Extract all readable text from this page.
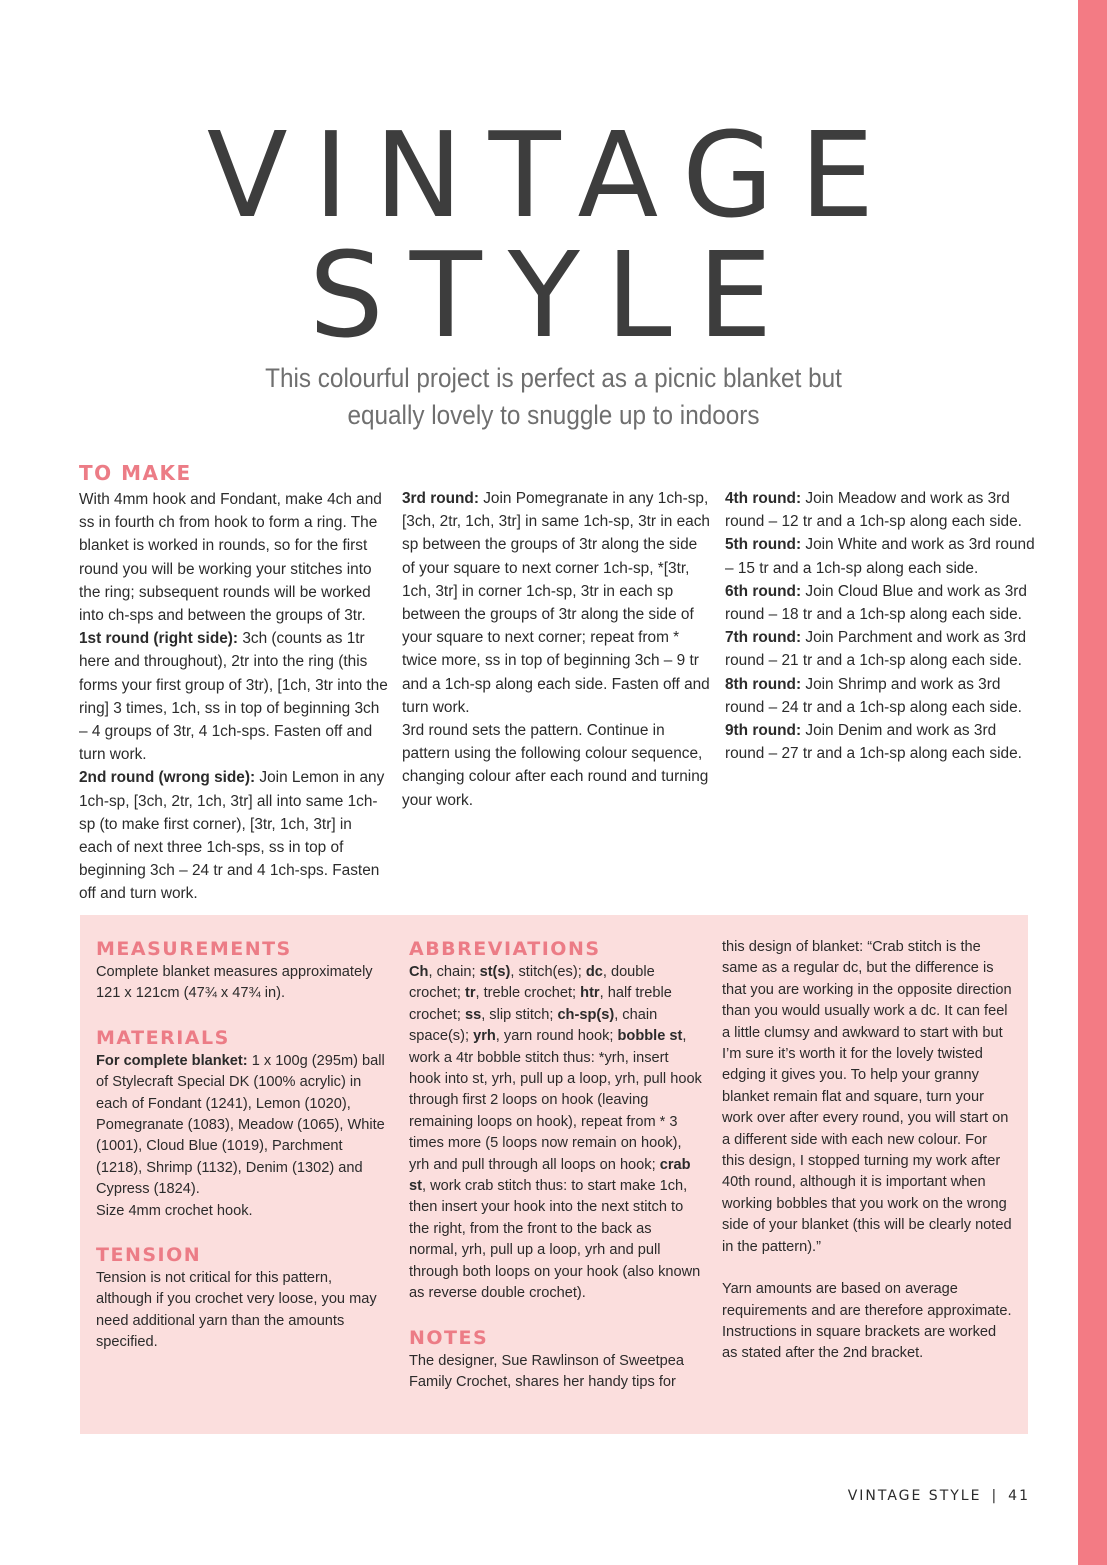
VINTAGE
STYLE
This colourful project is perfect as a picnic blanket but
equally lovely to snuggle up to indoors
TO MAKE

With 4mm hook and Fondant, make 4ch and ss in fourth ch from hook to form a ring. The blanket is worked in rounds, so for the first round you will be working your stitches into the ring; subsequent rounds will be worked into ch-sps and between the groups of 3tr.

1st round (right side): 3ch (counts as 1tr here and throughout), 2tr into the ring (this forms your first group of 3tr), [1ch, 3tr into the ring] 3 times, 1ch, ss in top of beginning 3ch – 4 groups of 3tr, 4 1ch-sps. Fasten off and turn work.

2nd round (wrong side): Join Lemon in any 1ch-sp, [3ch, 2tr, 1ch, 3tr] all into same 1ch-sp (to make first corner), [3tr, 1ch, 3tr] in each of next three 1ch-sps, ss in top of beginning 3ch – 24 tr and 4 1ch-sps. Fasten off and turn work.

3rd round: Join Pomegranate in any 1ch-sp, [3ch, 2tr, 1ch, 3tr] in same 1ch-sp, 3tr in each sp between the groups of 3tr along the side of your square to next corner 1ch-sp, *[3tr, 1ch, 3tr] in corner 1ch-sp, 3tr in each sp between the groups of 3tr along the side of your square to next corner; repeat from * twice more, ss in top of beginning 3ch – 9 tr and a 1ch-sp along each side. Fasten off and turn work.

3rd round sets the pattern. Continue in pattern using the following colour sequence, changing colour after each round and turning your work.

4th round: Join Meadow and work as 3rd round – 12 tr and a 1ch-sp along each side.

5th round: Join White and work as 3rd round – 15 tr and a 1ch-sp along each side.

6th round: Join Cloud Blue and work as 3rd round – 18 tr and a 1ch-sp along each side.

7th round: Join Parchment and work as 3rd round – 21 tr and a 1ch-sp along each side.

8th round: Join Shrimp and work as 3rd round – 24 tr and a 1ch-sp along each side.

9th round: Join Denim and work as 3rd round – 27 tr and a 1ch-sp along each side.

MEASUREMENTS

Complete blanket measures approximately 121 x 121cm (47¾ x 47¾ in).

MATERIALS

For complete blanket: 1 x 100g (295m) ball of Stylecraft Special DK (100% acrylic) in each of Fondant (1241), Lemon (1020), Pomegranate (1083), Meadow (1065), White (1001), Cloud Blue (1019), Parchment (1218), Shrimp (1132), Denim (1302) and Cypress (1824).

Size 4mm crochet hook.

TENSION

Tension is not critical for this pattern, although if you crochet very loose, you may need additional yarn than the amounts specified.

ABBREVIATIONS

Ch, chain; st(s), stitch(es); dc, double crochet; tr, treble crochet; htr, half treble crochet; ss, slip stitch; ch-sp(s), chain space(s); yrh, yarn round hook; bobble st, work a 4tr bobble stitch thus: *yrh, insert hook into st, yrh, pull up a loop, yrh, pull hook through first 2 loops on hook (leaving remaining loops on hook), repeat from * 3 times more (5 loops now remain on hook), yrh and pull through all loops on hook; crab st, work crab stitch thus: to start make 1ch, then insert your hook into the next stitch to the right, from the front to the back as normal, yrh, pull up a loop, yrh and pull through both loops on your hook (also known as reverse double crochet).

NOTES

The designer, Sue Rawlinson of Sweetpea Family Crochet, shares her handy tips for

this design of blanket: “Crab stitch is the same as a regular dc, but the difference is that you are working in the opposite direction than you would usually work a dc. It can feel a little clumsy and awkward to start with but I’m sure it’s worth it for the lovely twisted edging it gives you. To help your granny blanket remain flat and square, turn your work over after every round, you will start on a different side with each new colour. For this design, I stopped turning my work after 40th round, although it is important when working bobbles that you work on the wrong side of your blanket (this will be clearly noted in the pattern).”

Yarn amounts are based on average requirements and are therefore approximate. Instructions in square brackets are worked as stated after the 2nd bracket.

VINTAGE STYLE | 41
